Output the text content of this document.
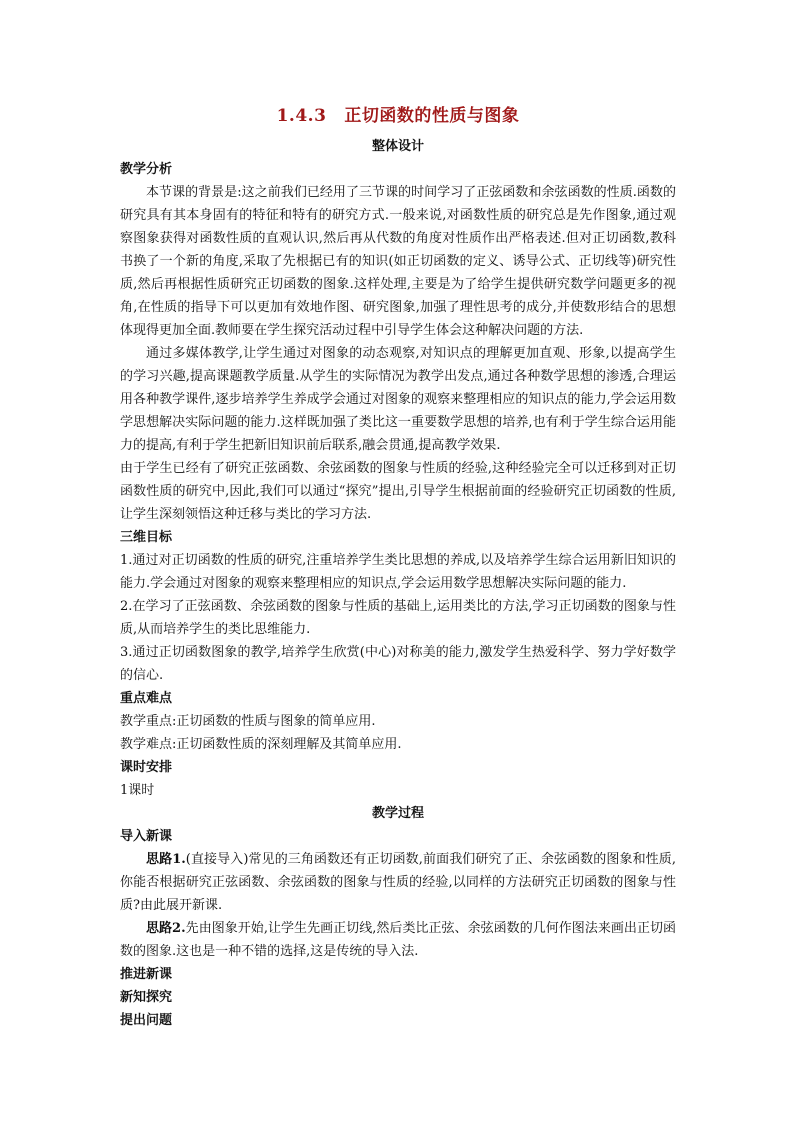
1.4.3 正切函数的性质与图象

整体设计

教学分析

本节课的背景是:这之前我们已经用了三节课的时间学习了正弦函数和余弦函数的性质.函数的研究具有其本身固有的特征和特有的研究方式.一般来说,对函数性质的研究总是先作图象,通过观察图象获得对函数性质的直观认识,然后再从代数的角度对性质作出严格表述.但对正切函数,教科书换了一个新的角度,采取了先根据已有的知识(如正切函数的定义、诱导公式、正切线等)研究性质,然后再根据性质研究正切函数的图象.这样处理,主要是为了给学生提供研究数学问题更多的视角,在性质的指导下可以更加有效地作图、研究图象,加强了理性思考的成分,并使数形结合的思想体现得更加全面.教师要在学生探究活动过程中引导学生体会这种解决问题的方法.

通过多媒体教学,让学生通过对图象的动态观察,对知识点的理解更加直观、形象,以提高学生的学习兴趣,提高课题教学质量.从学生的实际情况为教学出发点,通过各种数学思想的渗透,合理运用各种教学课件,逐步培养学生养成学会通过对图象的观察来整理相应的知识点的能力,学会运用数学思想解决实际问题的能力.这样既加强了类比这一重要数学思想的培养,也有利于学生综合运用能力的提高,有利于学生把新旧知识前后联系,融会贯通,提高教学效果.

由于学生已经有了研究正弦函数、余弦函数的图象与性质的经验,这种经验完全可以迁移到对正切函数性质的研究中,因此,我们可以通过“探究”提出,引导学生根据前面的经验研究正切函数的性质,让学生深刻领悟这种迁移与类比的学习方法.

三维目标

1.通过对正切函数的性质的研究,注重培养学生类比思想的养成,以及培养学生综合运用新旧知识的能力.学会通过对图象的观察来整理相应的知识点,学会运用数学思想解决实际问题的能力.

2.在学习了正弦函数、余弦函数的图象与性质的基础上,运用类比的方法,学习正切函数的图象与性质,从而培养学生的类比思维能力.

3.通过正切函数图象的教学,培养学生欣赏(中心)对称美的能力,激发学生热爱科学、努力学好数学的信心.

重点难点

教学重点:正切函数的性质与图象的简单应用.

教学难点:正切函数性质的深刻理解及其简单应用.

课时安排

1课时

教学过程

导入新课

思路1.(直接导入)常见的三角函数还有正切函数,前面我们研究了正、余弦函数的图象和性质,你能否根据研究正弦函数、余弦函数的图象与性质的经验,以同样的方法研究正切函数的图象与性质?由此展开新课.

思路2.先由图象开始,让学生先画正切线,然后类比正弦、余弦函数的几何作图法来画出正切函数的图象.这也是一种不错的选择,这是传统的导入法.

推进新课

新知探究

提出问题
